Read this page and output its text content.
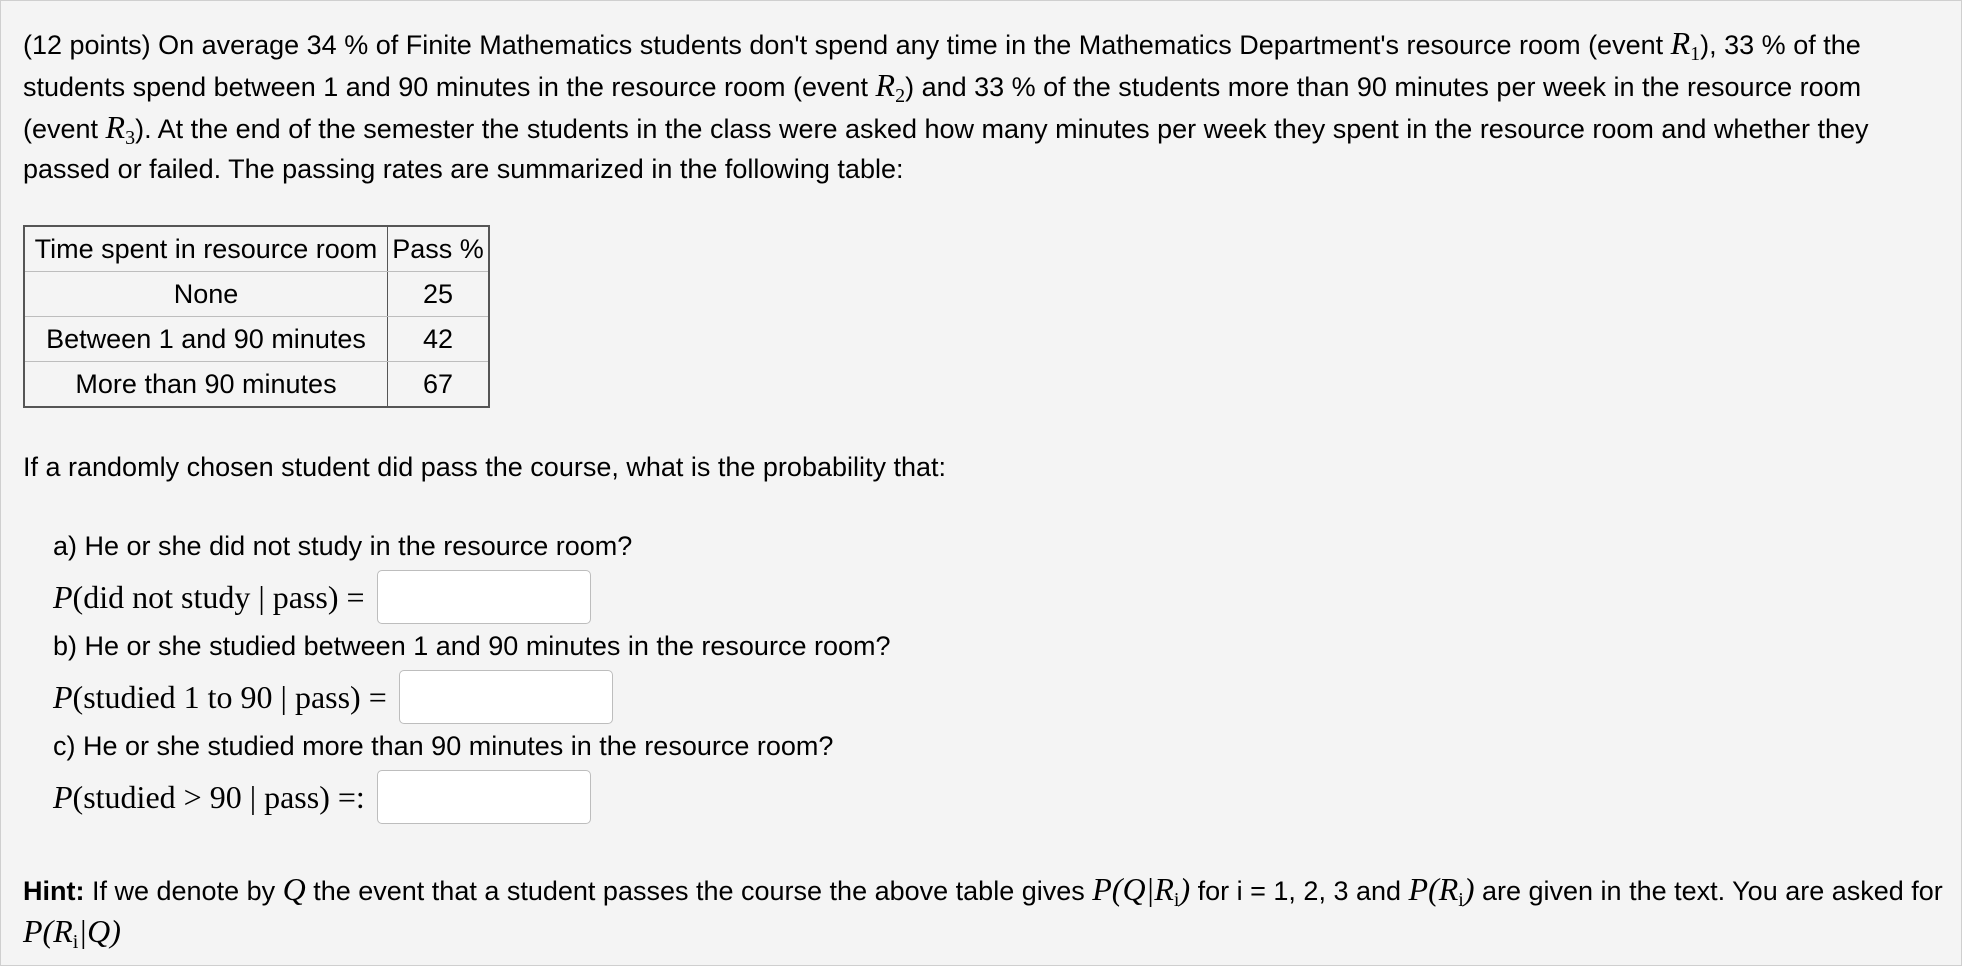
(12 points) On average 34 % of Finite Mathematics students don't spend any time in the Mathematics Department's resource room (event $R_1$), 33 % of the students spend between 1 and 90 minutes in the resource room (event $R_2$) and 33 % of the students more than 90 minutes per week in the resource room (event $R_3$). At the end of the semester the students in the class were asked how many minutes per week they spent in the resource room and whether they passed or failed. The passing rates are summarized in the following table:

Time spent in resource room	Pass %
None	25
Between 1 and 90 minutes	42
More than 90 minutes	67

If a randomly chosen student did pass the course, what is the probability that:

a) He or she did not study in the resource room?

P(did not study | pass) =

b) He or she studied between 1 and 90 minutes in the resource room?

P(studied 1 to 90 | pass) =

c) He or she studied more than 90 minutes in the resource room?

P(studied > 90 | pass) =:

Hint: If we denote by Q the event that a student passes the course the above table gives $P(Q|R_i)$ for i = 1, 2, 3 and $P(R_i)$ are given in the text. You are asked for $P(R_i|Q)$
